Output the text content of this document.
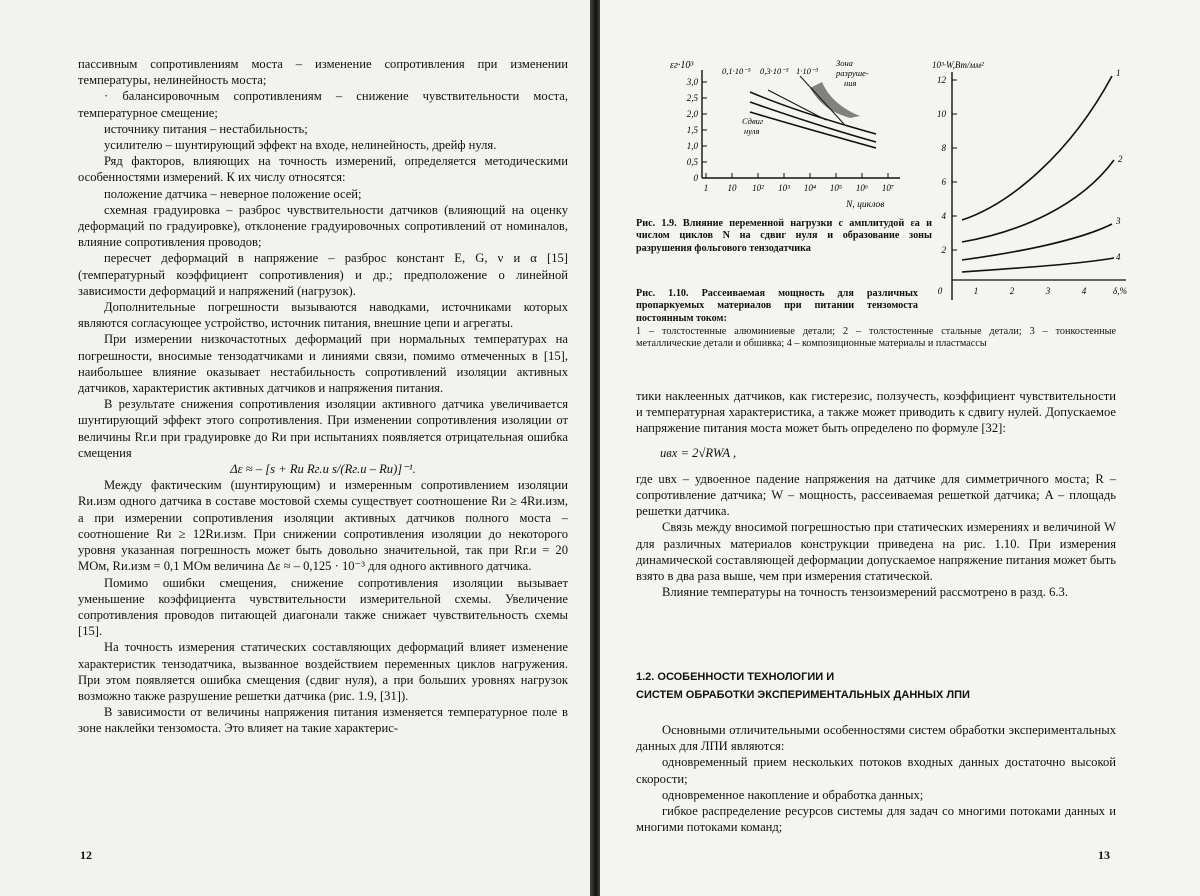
пассивным сопротивлениям моста – изменение сопротивления при изменении температуры, нелинейность моста;

· балансировочным сопротивлениям – снижение чувствительности моста, температурное смещение;

источнику питания – нестабильность;

усилителю – шунтирующий эффект на входе, нелинейность, дрейф нуля.

Ряд факторов, влияющих на точность измерений, определяется методическими особенностями измерений. К их числу относятся:

положение датчика – неверное положение осей;

схемная градуировка – разброс чувствительности датчиков (влияющий на оценку деформаций по градуировке), отклонение градуировочных сопротивлений от номиналов, влияние сопротивления проводов;

пересчет деформаций в напряжение – разброс констант E, G, ν и α [15] (температурный коэффициент сопротивления) и др.; предположение о линейной зависимости деформаций и напряжений (нагрузок).

Дополнительные погрешности вызываются наводками, источниками которых являются согласующее устройство, источник питания, внешние цепи и агрегаты.

При измерении низкочастотных деформаций при нормальных температурах на погрешности, вносимые тензодатчиками и линиями связи, помимо отмеченных в [15], наибольшее влияние оказывает нестабильность сопротивлений изоляции активных датчиков, характеристик активных датчиков и напряжения питания.

В результате снижения сопротивления изоляции активного датчика увеличивается шунтирующий эффект этого сопротивления. При изменении сопротивления изоляции от величины Rг.и при градуировке до Rи при испытаниях появляется отрицательная ошибка смещения

Δε ≈ – [s + Rи Rг.и s/(Rг.и – Rи)]⁻¹.

Между фактическим (шунтирующим) и измеренным сопротивлением изоляции Rи.изм одного датчика в составе мостовой схемы существует соотношение Rи ≥ 4Rи.изм, а при измерении сопротивления изоляции активных датчиков полного моста – соотношение Rи ≥ 12Rи.изм. При снижении сопротивления изоляции до некоторого уровня указанная погрешность может быть довольно значительной, так при Rг.и = 20 МОм, Rи.изм = 0,1 МОм величина Δε ≈ – 0,125 · 10⁻³ для одного активного датчика.

Помимо ошибки смещения, снижение сопротивления изоляции вызывает уменьшение коэффициента чувствительности измерительной схемы. Увеличение сопротивления проводов питающей диагонали также снижает чувствительность схемы [15].

На точность измерения статических составляющих деформаций влияет изменение характеристик тензодатчика, вызванное воздействием переменных циклов нагружения. При этом появляется ошибка смещения (сдвиг нуля), а при больших уровнях нагрузок возможно также разрушение решетки датчика (рис. 1.9, [31]).

В зависимости от величины напряжения питания изменяется температурное поле в зоне наклейки тензомоста. Это влияет на такие характерис-

12
εг·10³
3,0
2,5
2,0
1,5
1,0
0,5
0
1 10 10² 10³ 10⁴ 10⁵ 10⁶ 10⁷
0,1·10⁻³ 0,3·10⁻³ 1·10⁻³
Зона
разруше-
ния
Сдвиг
нуля
N, циклов
Рис. 1.9. Влияние переменной нагрузки с амплитудой εа и числом циклов N на сдвиг нуля и образование зоны разрушения фольгового тензодатчика
10³·W,Вт/мм²
12
10
8
6
4
2
1
2
3
4
0	1	2	3	4	δ,%
Рис. 1.10. Рассеиваемая мощность для различных пропаркуемых материалов при питании тензомоста постоянным током:
1 – толстостенные алюминиевые детали; 2 – толстостенные стальные детали; 3 – тонкостенные металлические детали и обшивка; 4 – композиционные материалы и пластмассы

тики наклеенных датчиков, как гистерезис, ползучесть, коэффициент чувствительности и температурная характеристика, а также может приводить к сдвигу нулей. Допускаемое напряжение питания моста может быть определено по формуле [32]:

uвх = 2√RWA ,

где uвх – удвоенное падение напряжения на датчике для симметричного моста; R – сопротивление датчика; W – мощность, рассеиваемая решеткой датчика; A – площадь решетки датчика.

Связь между вносимой погрешностью при статических измерениях и величиной W для различных материалов конструкции приведена на рис. 1.10. При измерения динамической составляющей деформации допускаемое напряжение питания может быть взято в два раза выше, чем при измерения статической.

Влияние температуры на точность тензоизмерений рассмотрено в разд. 6.3.

1.2. ОСОБЕННОСТИ ТЕХНОЛОГИИ И
СИСТЕМ ОБРАБОТКИ ЭКСПЕРИМЕНТАЛЬНЫХ ДАННЫХ ЛПИ

Основными отличительными особенностями систем обработки экспериментальных данных для ЛПИ являются:

одновременный прием нескольких потоков входных данных достаточно высокой скорости;

одновременное накопление и обработка данных;

гибкое распределение ресурсов системы для задач со многими потоками данных и многими потоками команд;

13
